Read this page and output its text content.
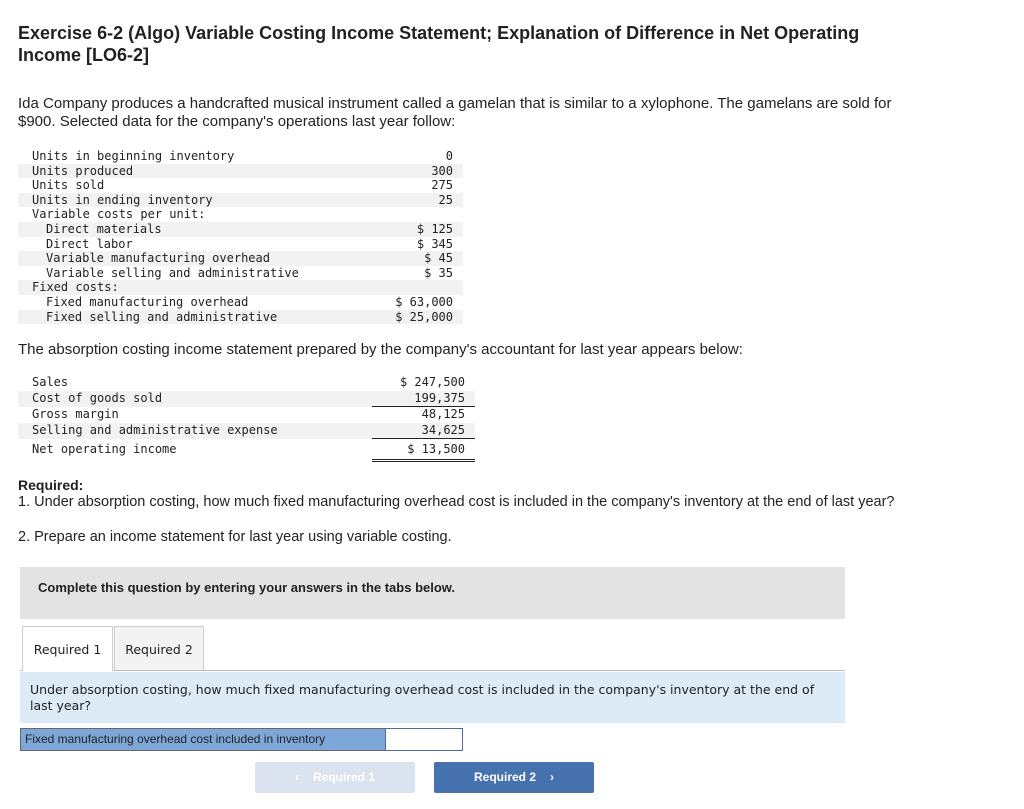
Exercise 6-2 (Algo) Variable Costing Income Statement; Explanation of Difference in Net Operating Income [LO6-2]
Ida Company produces a handcrafted musical instrument called a gamelan that is similar to a xylophone. The gamelans are sold for $900. Selected data for the company's operations last year follow:
Units in beginning inventory	0
Units produced	300
Units sold	275
Units in ending inventory	25
Variable costs per unit:	
Direct materials	$ 125
Direct labor	$ 345
Variable manufacturing overhead	$ 45
Variable selling and administrative	$ 35
Fixed costs:	
Fixed manufacturing overhead	$ 63,000
Fixed selling and administrative	$ 25,000
The absorption costing income statement prepared by the company's accountant for last year appears below:
Sales		$ 247,500
Cost of goods sold		199,375
Gross margin		48,125
Selling and administrative expense		34,625
Net operating income		$ 13,500
Required:
1. Under absorption costing, how much fixed manufacturing overhead cost is included in the company's inventory at the end of last year?
2. Prepare an income statement for last year using variable costing.
Complete this question by entering your answers in the tabs below.
Required 1	Required 2
Under absorption costing, how much fixed manufacturing overhead cost is included in the company's inventory at the end of last year?
Fixed manufacturing overhead cost included in inventory
‹ Required 1	Required 2 ›
